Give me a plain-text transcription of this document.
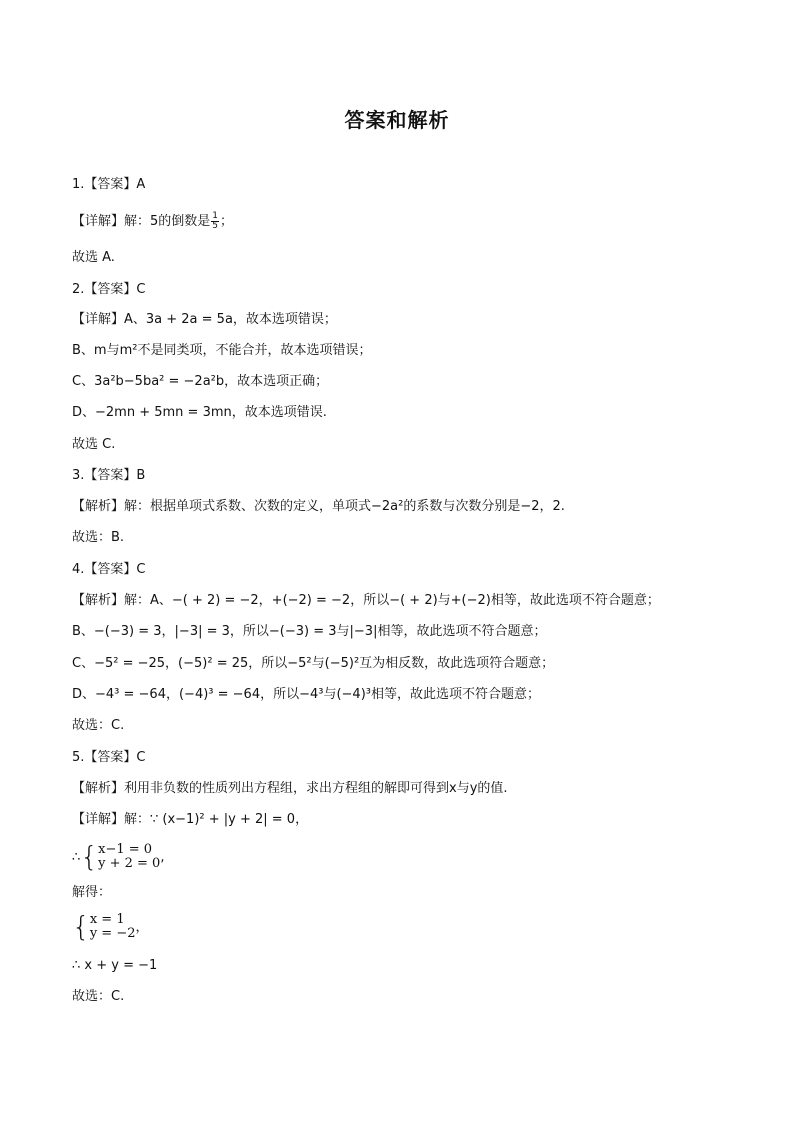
答案和解析
1.【答案】A
【详解】解：5的倒数是 $\frac{1}{5}$ ；
故选 A.
2.【答案】C
【详解】A、3a + 2a = 5a，故本选项错误；
B、m与m²不是同类项，不能合并，故本选项错误；
C、3a²b−5ba² = −2a²b，故本选项正确；
D、−2mn + 5mn = 3mn，故本选项错误.
故选 C.
3.【答案】B
【解析】解：根据单项式系数、次数的定义，单项式−2a²的系数与次数分别是−2，2.
故选：B.
4.【答案】C
【解析】解：A、−( + 2) = −2，+(−2) = −2，所以−( + 2)与+(−2)相等，故此选项不符合题意；
B、−(−3) = 3，|−3| = 3，所以−(−3) = 3与|−3|相等，故此选项不符合题意；
C、−5² = −25，(−5)² = 25，所以−5²与(−5)²互为相反数，故此选项符合题意；
D、−4³ = −64，(−4)³ = −64，所以−4³与(−4)³相等，故此选项不符合题意；
故选：C.
5.【答案】C
【解析】利用非负数的性质列出方程组，求出方程组的解即可得到x与y的值.
【详解】解：∵ (x−1)² + |y + 2| = 0，
∴{ x−1 = 0
y + 2 = 0 ,
解得：
{ x = 1
y = −2 ，
∴ x + y = −1
故选：C.
